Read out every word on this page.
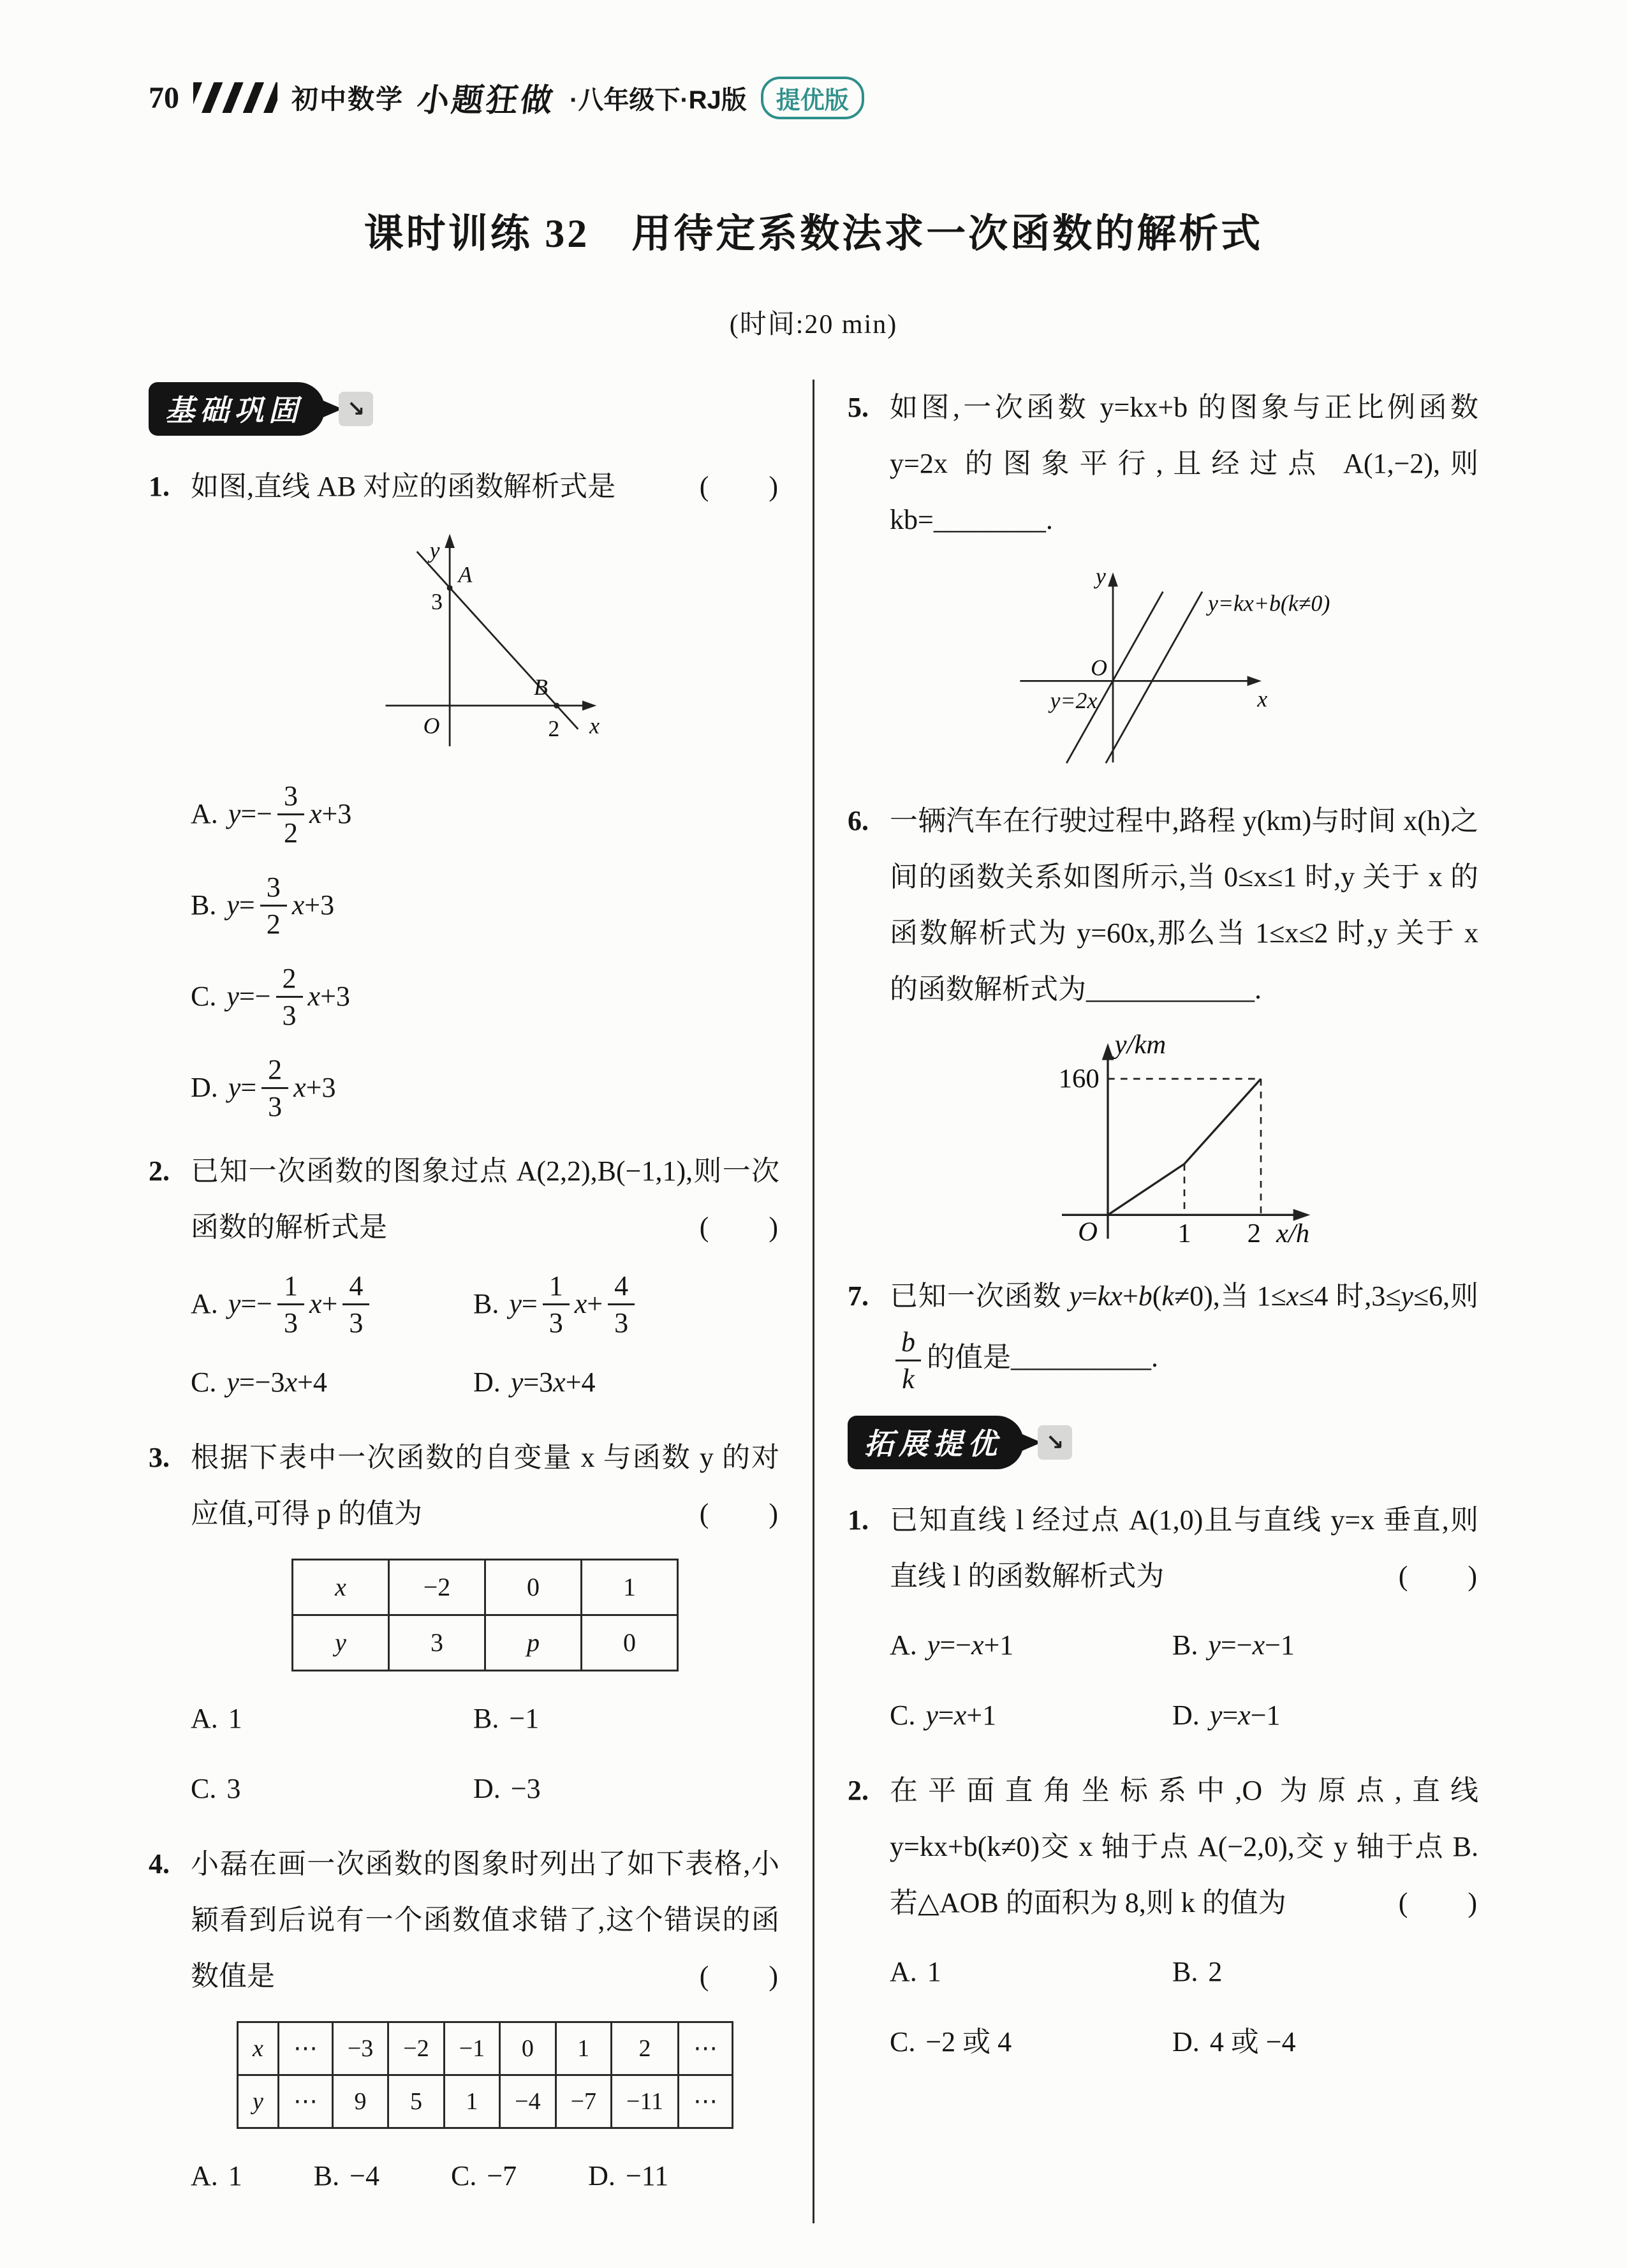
70	初中数学 小题狂做 ·八年级下·RJ版	提优版
课时训练 32　用待定系数法求一次函数的解析式
(时间:20 min)
基础巩固	↘
1. 如图,直线 AB 对应的函数解析式是	(　　)
y
x
O
A
3
B
2
A. $y =- \frac{3}{2}$ x +3
B. $y = \frac{3}{2}$ x +3
C. $y =- \frac{2}{3}$ x +3
D. $y = \frac{2}{3}$ x +3
2. 已知一次函数的图象过点 A(2,2),B(−1,1),则一次函数的解析式是	(　　)
A. $y =- \frac{1}{3}$ $x + \frac{4}{3}$	B. $y = \frac{1}{3}$ $x + \frac{4}{3}$
C. y =−3 x +4	D. y =3 x +4
3. 根据下表中一次函数的自变量 x 与函数 y 的对应值,可得 p 的值为	(　　)
x	−2	0	1
y	3	p	0
A. 1	B. −1
C. 3	D. −3
4. 小磊在画一次函数的图象时列出了如下表格,小颖看到后说有一个函数值求错了,这个错误的函数值是	(　　)
x	⋯	−3	−2	−1	0	1	2	⋯
y	⋯	9	5	1	−4	−7	−11	⋯
A. 1	B. −4	C. −7	D. −11
5. 如图,一次函数 y=kx+b 的图象与正比例函数 y=2x 的图象平行,且经过点 A(1,−2),则 kb=________.
y
x
O
y=2x
y=kx+b(k≠0)
6. 一辆汽车在行驶过程中,路程 y(km)与时间 x(h)之间的函数关系如图所示,当 0≤x≤1 时,y 关于 x 的函数解析式为 y=60x,那么当 1≤x≤2 时,y 关于 x 的函数解析式为____________.
y/km
160
O	1	2 x/h
7. 已知一次函数 y=kx+b(k≠0),当 1≤x≤4 时,3≤y≤6,则
$\frac{b}{k}$ 的值是__________.
拓展提优	↘
1. 已知直线 l 经过点 A(1,0)且与直线 y=x 垂直,则直线 l 的函数解析式为	(　　)
A. y =− x +1	B. y =− x −1
C. y = x +1	D. y = x −1
2. 在平面直角坐标系中,O 为原点,直线 y=kx+b(k≠0)交 x 轴于点 A(−2,0),交 y 轴于点 B.若△AOB 的面积为 8,则 k 的值为	(　　)
A. 1	B. 2
C. −2 或 4	D. 4 或 −4
